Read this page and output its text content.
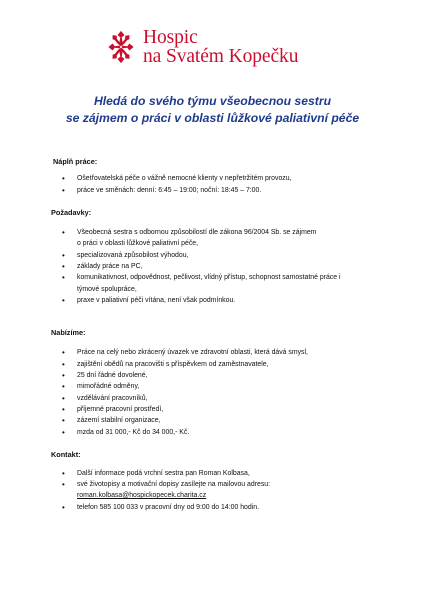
Hospic
na Svatém Kopečku
Hledá do svého týmu všeobecnou sestru
se zájmem o práci v oblasti lůžkové paliativní péče
Náplň práce:
• Ošetřovatelská péče o vážně nemocné klienty v nepřetržitém provozu,
• práce ve směnách: denní: 6:45 – 19:00; noční: 18:45 – 7:00.
Požadavky:
• Všeobecná sestra s odbornou způsobilostí dle zákona 96/2004 Sb. se zájmem
o práci v oblasti lůžkové paliativní péče,
• specializovaná způsobilost výhodou,
• základy práce na PC,
• komunikativnost, odpovědnost, pečlivost, vlídný přístup, schopnost samostatné práce i
týmové spolupráce,
• praxe v paliativní péči vítána, není však podmínkou.
Nabízíme:
• Práce na celý nebo zkrácený úvazek ve zdravotní oblasti, která dává smysl,
• zajištění obědů na pracovišti s příspěvkem od zaměstnavatele,
• 25 dní řádné dovolené,
• mimořádné odměny,
• vzdělávání pracovníků,
• příjemné pracovní prostředí,
• zázemí stabilní organizace,
• mzda od 31 000,- Kč do 34 000,- Kč.
Kontakt:
• Další informace podá vrchní sestra pan Roman Kolbasa,
• své životopisy a motivační dopisy zasílejte na mailovou adresu:
roman.kolbasa@hospickopecek.charita.cz
• telefon 585 100 033 v pracovní dny od 9:00 do 14:00 hodin.
